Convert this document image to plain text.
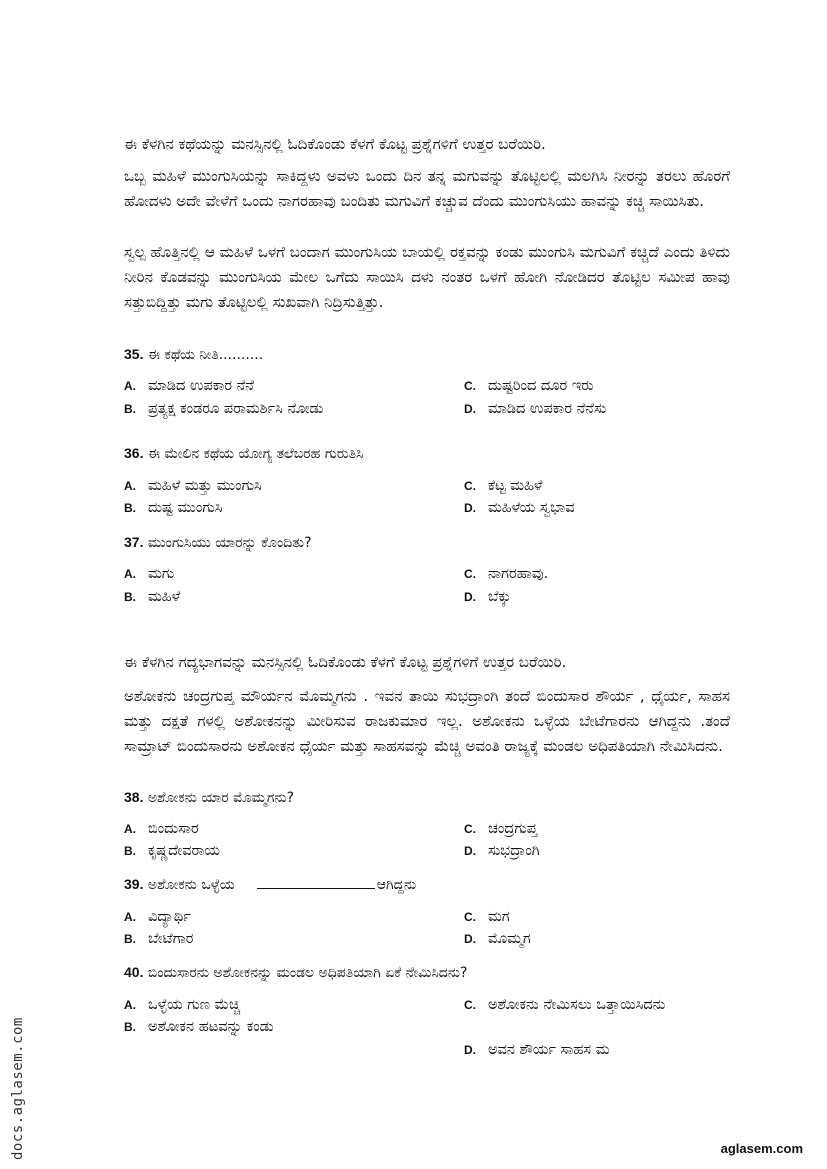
ಈ ಕೆಳಗಿನ ಕಥೆಯನ್ನು ಮನಸ್ಸಿನಲ್ಲಿ ಓದಿಕೊಂಡು ಕೆಳಗೆ ಕೊಟ್ಟ ಪ್ರಶ್ನೆಗಳಿಗೆ ಉತ್ತರ ಬರೆಯಿರಿ.
ಒಬ್ಬ ಮಹಿಳೆ ಮುಂಗುಸಿಯನ್ನು ಸಾಕಿದ್ದಳು ಅವಳು ಒಂದು ದಿನ ತನ್ನ ಮಗುವನ್ನು ತೊಟ್ಟಿಲಲ್ಲಿ ಮಲಗಿಸಿ ನೀರನ್ನು ತರಲು ಹೊರಗೆ ಹೋದಳು ಅದೇ ವೇಳೆಗೆ ಒಂದು ನಾಗರಹಾವು ಬಂದಿತು ಮಗುವಿಗೆ ಕಚ್ಚುವ ದೆಂದು ಮುಂಗುಸಿಯು ಹಾವನ್ನು ಕಚ್ಚಿ ಸಾಯಿಸಿತು.
ಸ್ವಲ್ಪ ಹೊತ್ತಿನಲ್ಲಿ ಆ ಮಹಿಳೆ ಒಳಗೆ ಬಂದಾಗ ಮುಂಗುಸಿಯ ಬಾಯಲ್ಲಿ ರಕ್ತವನ್ನು ಕಂಡು ಮುಂಗುಸಿ ಮಗುವಿಗೆ ಕಚ್ಚಿದೆ ಎಂದು ತಿಳಿದು ನೀರಿನ ಕೊಡವನ್ನು ಮುಂಗುಸಿಯ ಮೇಲ ಒಗೆದು ಸಾಯಿಸಿ ದಳು ನಂತರ ಒಳಗೆ ಹೋಗಿ ನೋಡಿದರ ತೊಟ್ಟಿಲ ಸಮೀಪ ಹಾವು ಸತ್ತುಬಿದ್ದಿತ್ತು ಮಗು ತೊಟ್ಟಿಲಲ್ಲಿ ಸುಖವಾಗಿ ನಿದ್ರಿಸುತ್ತಿತ್ತು.
35. ಈ ಕಥೆಯ ನೀತಿ..........
A. ಮಾಡಿದ ಉಪಕಾರ ನೆನೆ
B. ಪ್ರತ್ಯಕ್ಷ ಕಂಡರೂ ಪರಾಮರ್ಶಿಸಿ ನೋಡು
C. ದುಷ್ಟರಿಂದ ದೂರ ಇರು
D. ಮಾಡಿದ ಉಪಕಾರ ನೆನೆಸು
36. ಈ ಮೇಲಿನ ಕಥೆಯ ಯೋಗ್ಯ ತಲೆಬರಹ ಗುರುತಿಸಿ
A. ಮಹಿಳೆ ಮತ್ತು ಮುಂಗುಸಿ
B. ದುಷ್ಟ ಮುಂಗುಸಿ
C. ಕೆಟ್ಟ ಮಹಿಳೆ
D. ಮಹಿಳೆಯ ಸ್ವಭಾವ
37. ಮುಂಗುಸಿಯು ಯಾರನ್ನು ಕೊಂದಿತು?
A. ಮಗು
B. ಮಹಿಳೆ
C. ನಾಗರಹಾವು.
D. ಬೆಕ್ಕು
ಈ ಕೆಳಗಿನ ಗದ್ಯಭಾಗವನ್ನು ಮನಸ್ಸಿನಲ್ಲಿ ಓದಿಕೊಂಡು ಕೆಳಗೆ ಕೊಟ್ಟ ಪ್ರಶ್ನೆಗಳಿಗೆ ಉತ್ತರ ಬರೆಯಿರಿ.
ಅಶೋಕನು ಚಂದ್ರಗುಪ್ತ ಮೌರ್ಯನ ಮೊಮ್ಮಗನು . ಇವನ ತಾಯಿ ಸುಭದ್ರಾಂಗಿ ತಂದೆ ಬಿಂದುಸಾರ ಶೌರ್ಯ , ಧೈರ್ಯ, ಸಾಹಸ ಮತ್ತು ದಕ್ಷತೆ ಗಳಲ್ಲಿ ಅಶೋಕನನ್ನು ಮೀರಿಸುವ ರಾಜಕುಮಾರ ಇಲ್ಲ. ಅಶೋಕನು ಒಳ್ಳೆಯ ಬೇಟೆಗಾರನು ಆಗಿದ್ದನು .ತಂದೆ ಸಾಮ್ರಾಟ್ ಬಿಂದುಸಾರನು ಅಶೋಕನ ಧೈರ್ಯ ಮತ್ತು ಸಾಹಸವನ್ನು ಮೆಚ್ಚಿ ಅವಂತಿ ರಾಜ್ಯಕ್ಕೆ ಮಂಡಲ ಅಧಿಪತಿಯಾಗಿ ನೇಮಿಸಿದನು.
38. ಅಶೋಕನು ಯಾರ ಮೊಮ್ಮಗನು?
A. ಬಿಂದುಸಾರ
B. ಕೃಷ್ಣದೇವರಾಯ
C. ಚಂದ್ರಗುಪ್ತ
D. ಸುಭದ್ರಾಂಗಿ
39. ಅಶೋಕನು ಒಳ್ಳೆಯ	ಆಗಿದ್ದನು
A. ವಿದ್ಯಾರ್ಥಿ
B. ಬೇಟೆಗಾರ
C. ಮಗ
D. ಮೊಮ್ಮಗ
40. ಬಿಂದುಸಾರನು ಅಶೋಕನನ್ನು ಮಂಡಲ ಅಧಿಪತಿಯಾಗಿ ಏಕೆ ನೇಮಿಸಿದನು?
A. ಒಳ್ಳೆಯ ಗುಣ ಮೆಚ್ಚಿ
B. ಅಶೋಕನ ಹಟವನ್ನು ಕಂಡು
C. ಅಶೋಕನು ನೇಮಿಸಲು ಒತ್ತಾಯಿಸಿದನು
D. ಅವನ ಶೌರ್ಯ ಸಾಹಸ ಮ
docs.aglasem.com	aglasem.com
